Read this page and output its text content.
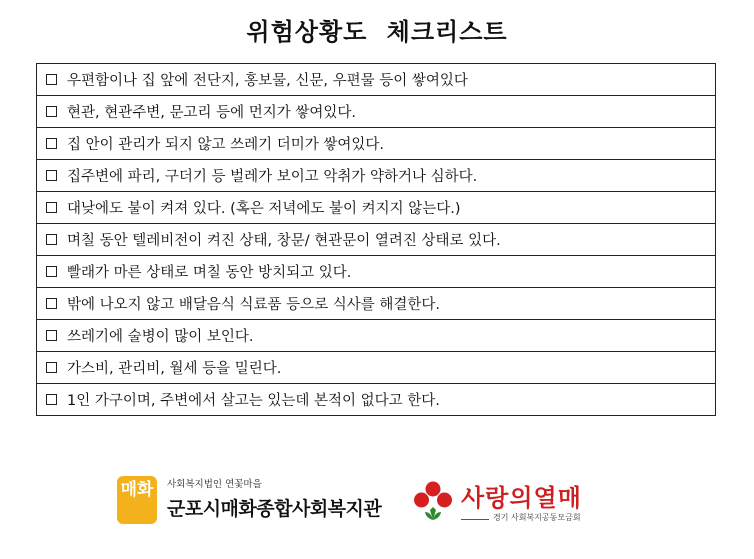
위험상황도 체크리스트
우편함이나 집 앞에 전단지, 홍보물, 신문, 우편물 등이 쌓여있다
현관, 현관주변, 문고리 등에 먼지가 쌓여있다.
집 안이 관리가 되지 않고 쓰레기 더미가 쌓여있다.
집주변에 파리, 구더기 등 벌레가 보이고 악취가 약하거나 심하다.
대낮에도 불이 켜져 있다. (혹은 저녁에도 불이 켜지지 않는다.)
며칠 동안 텔레비전이 켜진 상태, 창문/ 현관문이 열려진 상태로 있다.
빨래가 마른 상태로 며칠 동안 방치되고 있다.
밖에 나오지 않고 배달음식 식료품 등으로 식사를 해결한다.
쓰레기에 술병이 많이 보인다.
가스비, 관리비, 월세 등을 밀린다.
1인 가구이며, 주변에서 살고는 있는데 본적이 없다고 한다.
매화	사회복지법인 연꽃마을
군포시매화종합사회복지관	사랑의열매
경기 사회복지공동모금회
